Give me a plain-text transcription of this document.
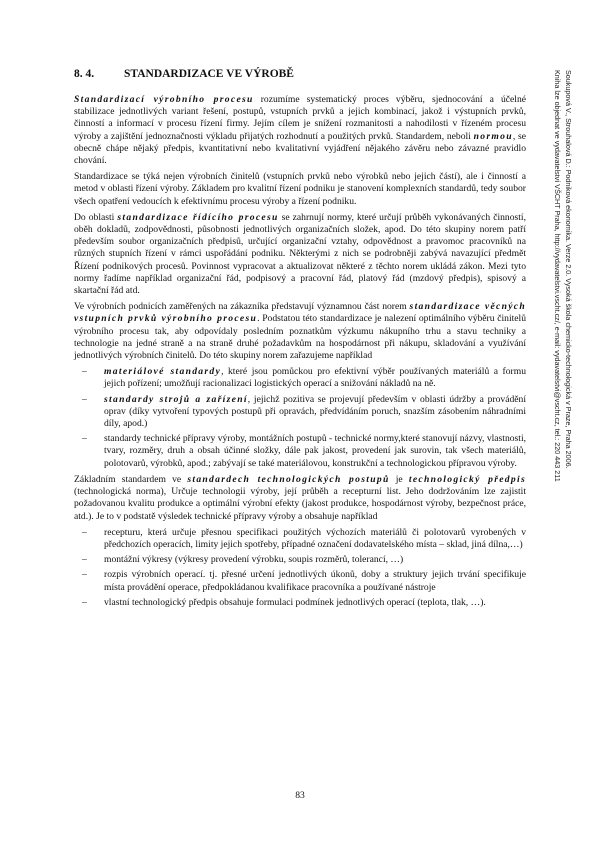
8. 4.	STANDARDIZACE VE VÝROBĚ

Standardizací výrobního procesu rozumíme systematický proces výběru, sjednocování a účelné stabilizace jednotlivých variant řešení, postupů, vstupních prvků a jejich kombinací, jakož i výstupních prvků, činností a informací v procesu řízení firmy. Jejím cílem je snížení rozmanitosti a nahodilosti v řízeném procesu výroby a zajištění jednoznačnosti výkladu přijatých rozhodnutí a použitých prvků. Standardem, neboli normou, se obecně chápe nějaký předpis, kvantitativní nebo kvalitativní vyjádření nějakého závěru nebo závazné pravidlo chování.

Standardizace se týká nejen výrobních činitelů (vstupních prvků nebo výrobků nebo jejich částí), ale i činností a metod v oblasti řízení výroby. Základem pro kvalitní řízení podniku je stanovení komplexních standardů, tedy soubor všech opatření vedoucích k efektivnímu procesu výroby a řízení podniku.

Do oblasti standardizace řídícího procesu se zahrnují normy, které určují průběh vykonávaných činností, oběh dokladů, zodpovědnosti, působnosti jednotlivých organizačních složek, apod. Do této skupiny norem patří především soubor organizačních předpisů, určující organizační vztahy, odpovědnost a pravomoc pracovníků na různých stupních řízení v rámci uspořádání podniku. Některými z nich se podrobněji zabývá navazující předmět Řízení podnikových procesů. Povinnost vypracovat a aktualizovat některé z těchto norem ukládá zákon. Mezi tyto normy řadíme například organizační řád, podpisový a pracovní řád, platový řád (mzdový předpis), spisový a skartační řád atd.

Ve výrobních podnicích zaměřených na zákazníka představují významnou část norem standardizace věcných vstupních prvků výrobního procesu. Podstatou této standardizace je nalezení optimálního výběru činitelů výrobního procesu tak, aby odpovídaly posledním poznatkům výzkumu nákupního trhu a stavu techniky a technologie na jedné straně a na straně druhé požadavkům na hospodárnost při nákupu, skladování a využívání jednotlivých výrobních činitelů. Do této skupiny norem zařazujeme například

– materiálové standardy, které jsou pomůckou pro efektivní výběr používaných materiálů a formu jejich pořízení; umožňují racionalizaci logistických operací a snižování nákladů na ně.
– standardy strojů a zařízení, jejichž pozitiva se projevují především v oblasti údržby a provádění oprav (díky vytvoření typových postupů při opravách, předvídáním poruch, snazším zásobením náhradními díly, apod.)
– standardy technické přípravy výroby, montážních postupů - technické normy,které stanovují názvy, vlastnosti, tvary, rozměry, druh a obsah účinné složky, dále pak jakost, provedení jak surovin, tak všech materiálů, polotovarů, výrobků, apod.; zabývají se také materiálovou, konstrukční a technologickou přípravou výroby.

Základním standardem ve standardech technologických postupů je technologický předpis (technologická norma), Určuje technologii výroby, její průběh a recepturní list. Jeho dodržováním lze zajistit požadovanou kvalitu produkce a optimální výrobní efekty (jakost produkce, hospodárnost výroby, bezpečnost práce, atd.). Je to v podstatě výsledek technické přípravy výroby a obsahuje například

– recepturu, která určuje přesnou specifikaci použitých výchozích materiálů či polotovarů vyrobených v předchozích operacích, limity jejich spotřeby, případné označení dodavatelského místa – sklad, jiná dílna,…)
– montážní výkresy (výkresy provedení výrobku, soupis rozměrů, tolerancí, …)
– rozpis výrobních operací. tj. přesné určení jednotlivých úkonů, doby a struktury jejich trvání specifikuje místa provádění operace, předpokládanou kvalifikace pracovníka a používané nástroje
– vlastní technologický předpis obsahuje formulaci podmínek jednotlivých operací (teplota, tlak, …).
83
Soukupová V., Strouhalová D.: Podniková ekonomika. Verze 2.0. Vysoká škola chemicko-technologická v Praze, Praha 2006.
Kniha lze objednat ve vydavatelství VŠCHT Praha, http://vydavatelstvi.vscht.cz/, e-mail: vydavatelstvi@vscht.cz, tel.: 220 443 211
